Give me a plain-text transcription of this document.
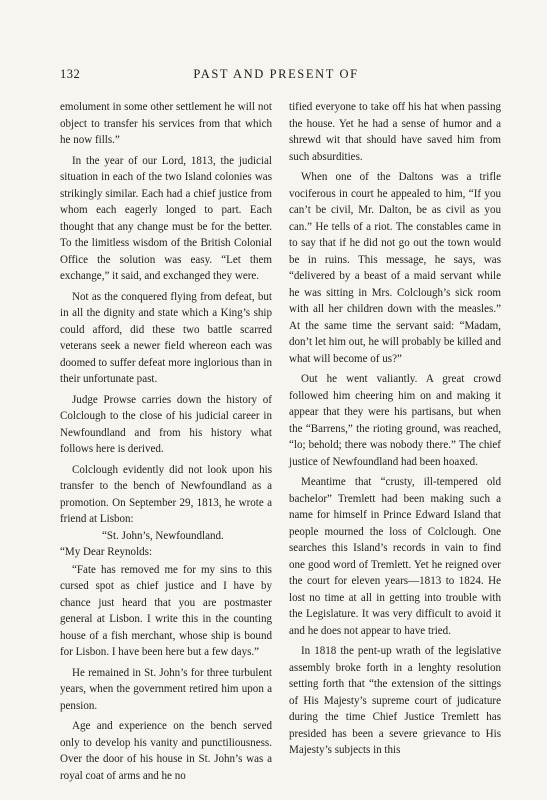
132	PAST AND PRESENT OF

emolument in some other settlement he will not object to transfer his services from that which he now fills.”

In the year of our Lord, 1813, the judicial situation in each of the two Island colonies was strikingly similar. Each had a chief justice from whom each eagerly longed to part. Each thought that any change must be for the better. To the limitless wisdom of the British Colonial Office the solution was easy. “Let them exchange,” it said, and exchanged they were.

Not as the conquered flying from defeat, but in all the dignity and state which a King’s ship could afford, did these two battle scarred veterans seek a newer field whereon each was doomed to suffer defeat more inglorious than in their unfortunate past.

Judge Prowse carries down the history of Colclough to the close of his judicial career in Newfoundland and from his history what follows here is derived.

Colclough evidently did not look upon his transfer to the bench of Newfoundland as a promotion. On September 29, 1813, he wrote a friend at Lisbon:

“St. John’s, Newfoundland.

“My Dear Reynolds:

“Fate has removed me for my sins to this cursed spot as chief justice and I have by chance just heard that you are postmaster general at Lisbon. I write this in the counting house of a fish merchant, whose ship is bound for Lisbon. I have been here but a few days.”

He remained in St. John’s for three turbulent years, when the government retired him upon a pension.

Age and experience on the bench served only to develop his vanity and punctiliousness. Over the door of his house in St. John’s was a royal coat of arms and he no

tified everyone to take off his hat when passing the house. Yet he had a sense of humor and a shrewd wit that should have saved him from such absurdities.

When one of the Daltons was a trifle vociferous in court he appealed to him, “If you can’t be civil, Mr. Dalton, be as civil as you can.” He tells of a riot. The constables came in to say that if he did not go out the town would be in ruins. This message, he says, was “delivered by a beast of a maid servant while he was sitting in Mrs. Colclough’s sick room with all her children down with the measles.” At the same time the servant said: “Madam, don’t let him out, he will probably be killed and what will become of us?”

Out he went valiantly. A great crowd followed him cheering him on and making it appear that they were his partisans, but when the “Barrens,” the rioting ground, was reached, “lo; behold; there was nobody there.” The chief justice of Newfoundland had been hoaxed.

Meantime that “crusty, ill-tempered old bachelor” Tremlett had been making such a name for himself in Prince Edward Island that people mourned the loss of Colclough. One searches this Island’s records in vain to find one good word of Tremlett. Yet he reigned over the court for eleven years—1813 to 1824. He lost no time at all in getting into trouble with the Legislature. It was very difficult to avoid it and he does not appear to have tried.

In 1818 the pent-up wrath of the legislative assembly broke forth in a lenghty resolution setting forth that “the extension of the sittings of His Majesty’s supreme court of judicature during the time Chief Justice Tremlett has presided has been a severe grievance to His Majesty’s subjects in this
